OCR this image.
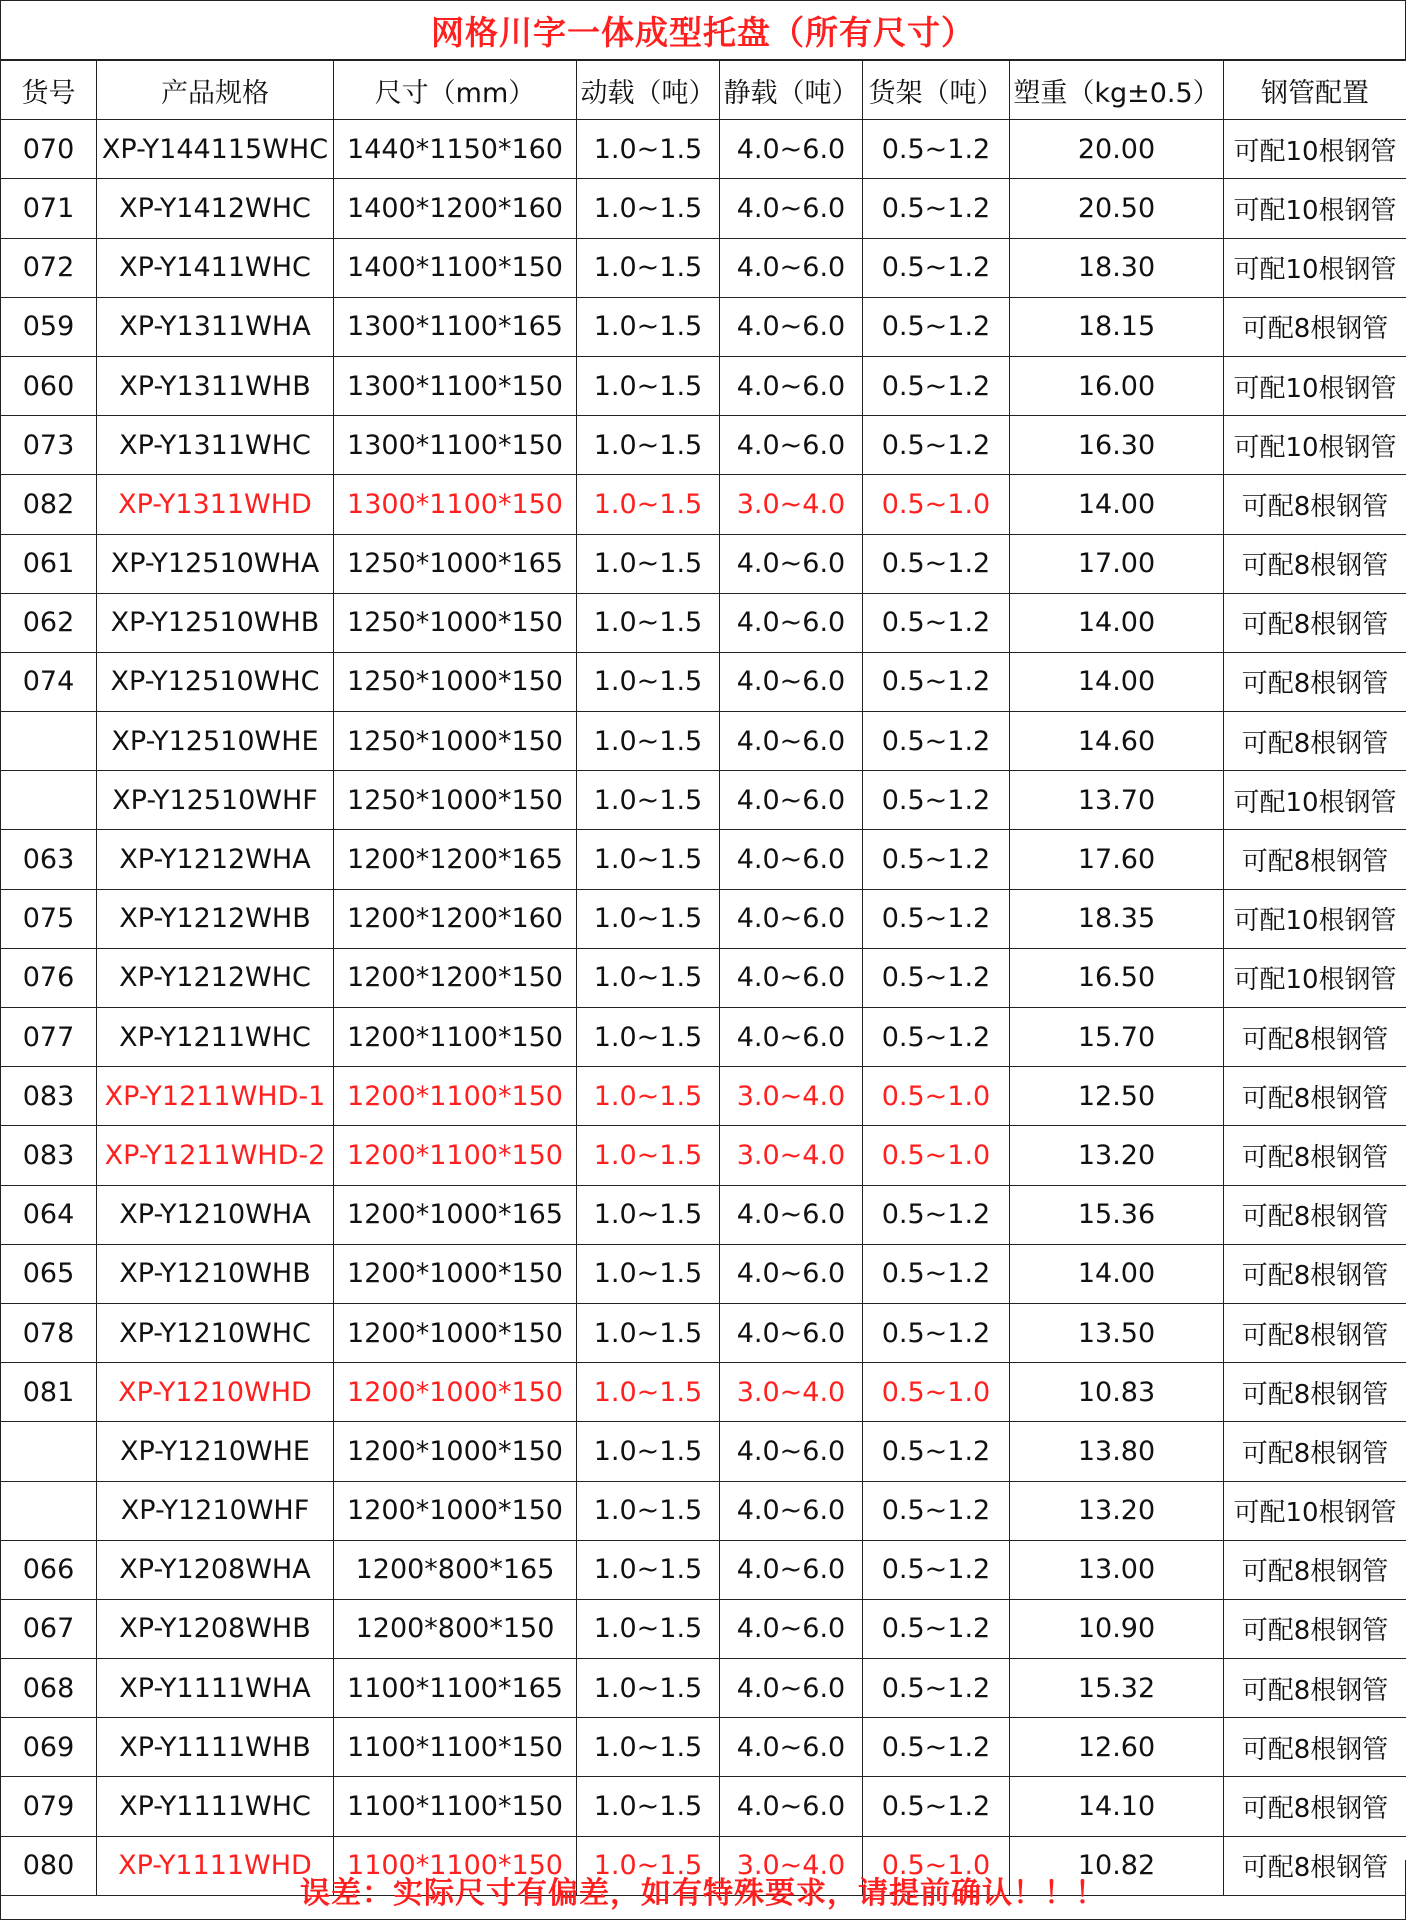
网格川字一体成型托盘（所有尺寸）
货号	产品规格	尺寸（mm）	动载（吨）	静载（吨）	货架（吨）	塑重（kg±0.5）	钢管配置
070	XP-Y144115WHC	1440*1150*160	1.0~1.5	4.0~6.0	0.5~1.2	20.00	可配10根钢管
071	XP-Y1412WHC	1400*1200*160	1.0~1.5	4.0~6.0	0.5~1.2	20.50	可配10根钢管
072	XP-Y1411WHC	1400*1100*150	1.0~1.5	4.0~6.0	0.5~1.2	18.30	可配10根钢管
059	XP-Y1311WHA	1300*1100*165	1.0~1.5	4.0~6.0	0.5~1.2	18.15	可配8根钢管
060	XP-Y1311WHB	1300*1100*150	1.0~1.5	4.0~6.0	0.5~1.2	16.00	可配10根钢管
073	XP-Y1311WHC	1300*1100*150	1.0~1.5	4.0~6.0	0.5~1.2	16.30	可配10根钢管
082	XP-Y1311WHD	1300*1100*150	1.0~1.5	3.0~4.0	0.5~1.0	14.00	可配8根钢管
061	XP-Y12510WHA	1250*1000*165	1.0~1.5	4.0~6.0	0.5~1.2	17.00	可配8根钢管
062	XP-Y12510WHB	1250*1000*150	1.0~1.5	4.0~6.0	0.5~1.2	14.00	可配8根钢管
074	XP-Y12510WHC	1250*1000*150	1.0~1.5	4.0~6.0	0.5~1.2	14.00	可配8根钢管
	XP-Y12510WHE	1250*1000*150	1.0~1.5	4.0~6.0	0.5~1.2	14.60	可配8根钢管
	XP-Y12510WHF	1250*1000*150	1.0~1.5	4.0~6.0	0.5~1.2	13.70	可配10根钢管
063	XP-Y1212WHA	1200*1200*165	1.0~1.5	4.0~6.0	0.5~1.2	17.60	可配8根钢管
075	XP-Y1212WHB	1200*1200*160	1.0~1.5	4.0~6.0	0.5~1.2	18.35	可配10根钢管
076	XP-Y1212WHC	1200*1200*150	1.0~1.5	4.0~6.0	0.5~1.2	16.50	可配10根钢管
077	XP-Y1211WHC	1200*1100*150	1.0~1.5	4.0~6.0	0.5~1.2	15.70	可配8根钢管
083	XP-Y1211WHD-1	1200*1100*150	1.0~1.5	3.0~4.0	0.5~1.0	12.50	可配8根钢管
083	XP-Y1211WHD-2	1200*1100*150	1.0~1.5	3.0~4.0	0.5~1.0	13.20	可配8根钢管
064	XP-Y1210WHA	1200*1000*165	1.0~1.5	4.0~6.0	0.5~1.2	15.36	可配8根钢管
065	XP-Y1210WHB	1200*1000*150	1.0~1.5	4.0~6.0	0.5~1.2	14.00	可配8根钢管
078	XP-Y1210WHC	1200*1000*150	1.0~1.5	4.0~6.0	0.5~1.2	13.50	可配8根钢管
081	XP-Y1210WHD	1200*1000*150	1.0~1.5	3.0~4.0	0.5~1.0	10.83	可配8根钢管
	XP-Y1210WHE	1200*1000*150	1.0~1.5	4.0~6.0	0.5~1.2	13.80	可配8根钢管
	XP-Y1210WHF	1200*1000*150	1.0~1.5	4.0~6.0	0.5~1.2	13.20	可配10根钢管
066	XP-Y1208WHA	1200*800*165	1.0~1.5	4.0~6.0	0.5~1.2	13.00	可配8根钢管
067	XP-Y1208WHB	1200*800*150	1.0~1.5	4.0~6.0	0.5~1.2	10.90	可配8根钢管
068	XP-Y1111WHA	1100*1100*165	1.0~1.5	4.0~6.0	0.5~1.2	15.32	可配8根钢管
069	XP-Y1111WHB	1100*1100*150	1.0~1.5	4.0~6.0	0.5~1.2	12.60	可配8根钢管
079	XP-Y1111WHC	1100*1100*150	1.0~1.5	4.0~6.0	0.5~1.2	14.10	可配8根钢管
080	XP-Y1111WHD	1100*1100*150	1.0~1.5	3.0~4.0	0.5~1.0	10.82	可配8根钢管
误差：实际尺寸有偏差，如有特殊要求，请提前确认！！！
